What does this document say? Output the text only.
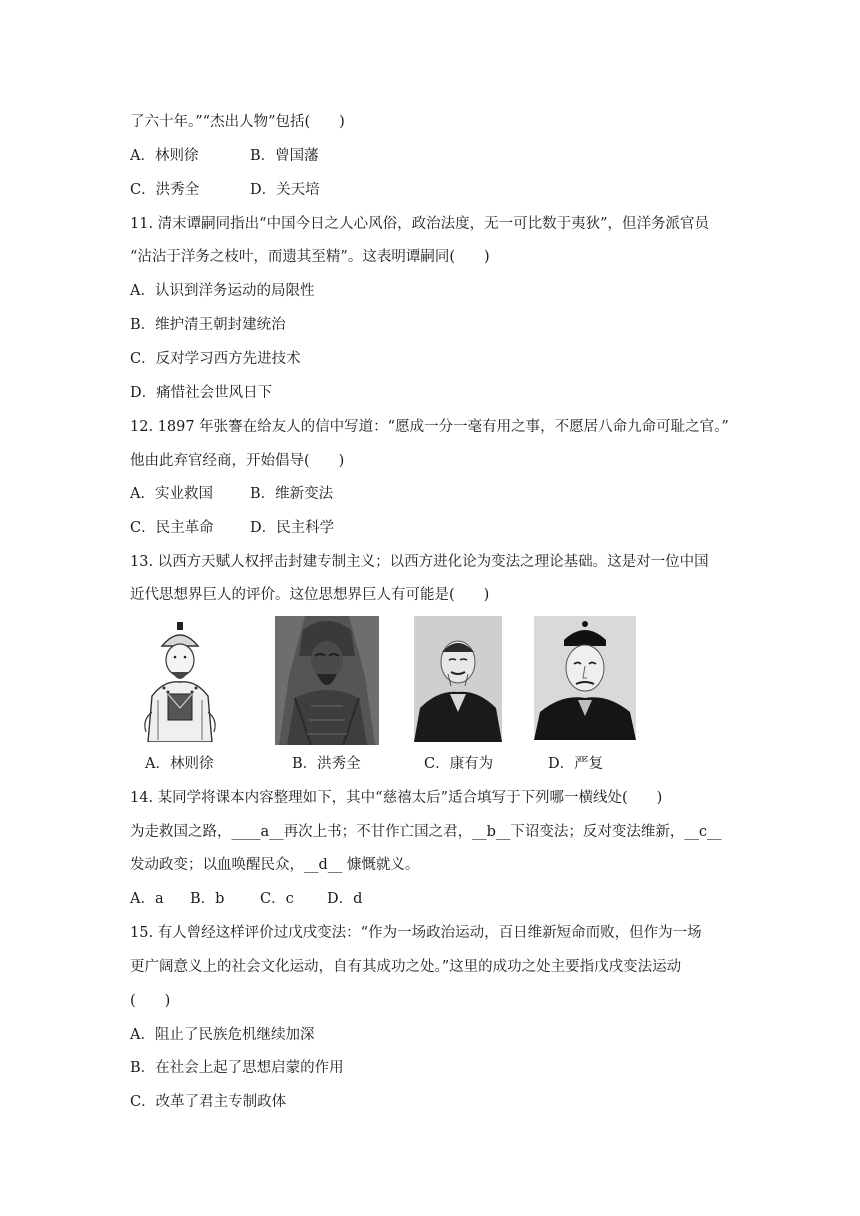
了六十年。”“杰出人物”包括(　　)
A．林则徐	B．曾国藩
C．洪秀全	D．关天培
11. 清末谭嗣同指出“中国今日之人心风俗，政治法度，无一可比数于夷狄”，但洋务派官员
“沾沾于洋务之枝叶，而遗其至精”。这表明谭嗣同(　　)
A．认识到洋务运动的局限性
B．维护清王朝封建统治
C．反对学习西方先进技术
D．痛惜社会世风日下
12. 1897 年张謇在给友人的信中写道：“愿成一分一毫有用之事，不愿居八命九命可耻之官。”
他由此弃官经商，开始倡导(　　)
A．实业救国	B．维新变法
C．民主革命	D．民主科学
13. 以西方天赋人权抨击封建专制主义；以西方进化论为变法之理论基础。这是对一位中国
近代思想界巨人的评价。这位思想界巨人有可能是(　　)
A．林则徐	B．洪秀全	C．康有为	D．严复
14. 某同学将课本内容整理如下，其中“慈禧太后”适合填写于下列哪一横线处(　　)
为走救国之路，____a__再次上书；不甘作亡国之君，__b__下诏变法；反对变法维新，__c__
发动政变；以血唤醒民众，__d__ 慷慨就义。
A．a B．b C．c D．d
15. 有人曾经这样评价过戊戌变法：“作为一场政治运动，百日维新短命而败，但作为一场
更广阔意义上的社会文化运动，自有其成功之处。”这里的成功之处主要指戊戌变法运动
(　　)
A．阻止了民族危机继续加深
B．在社会上起了思想启蒙的作用
C．改革了君主专制政体
